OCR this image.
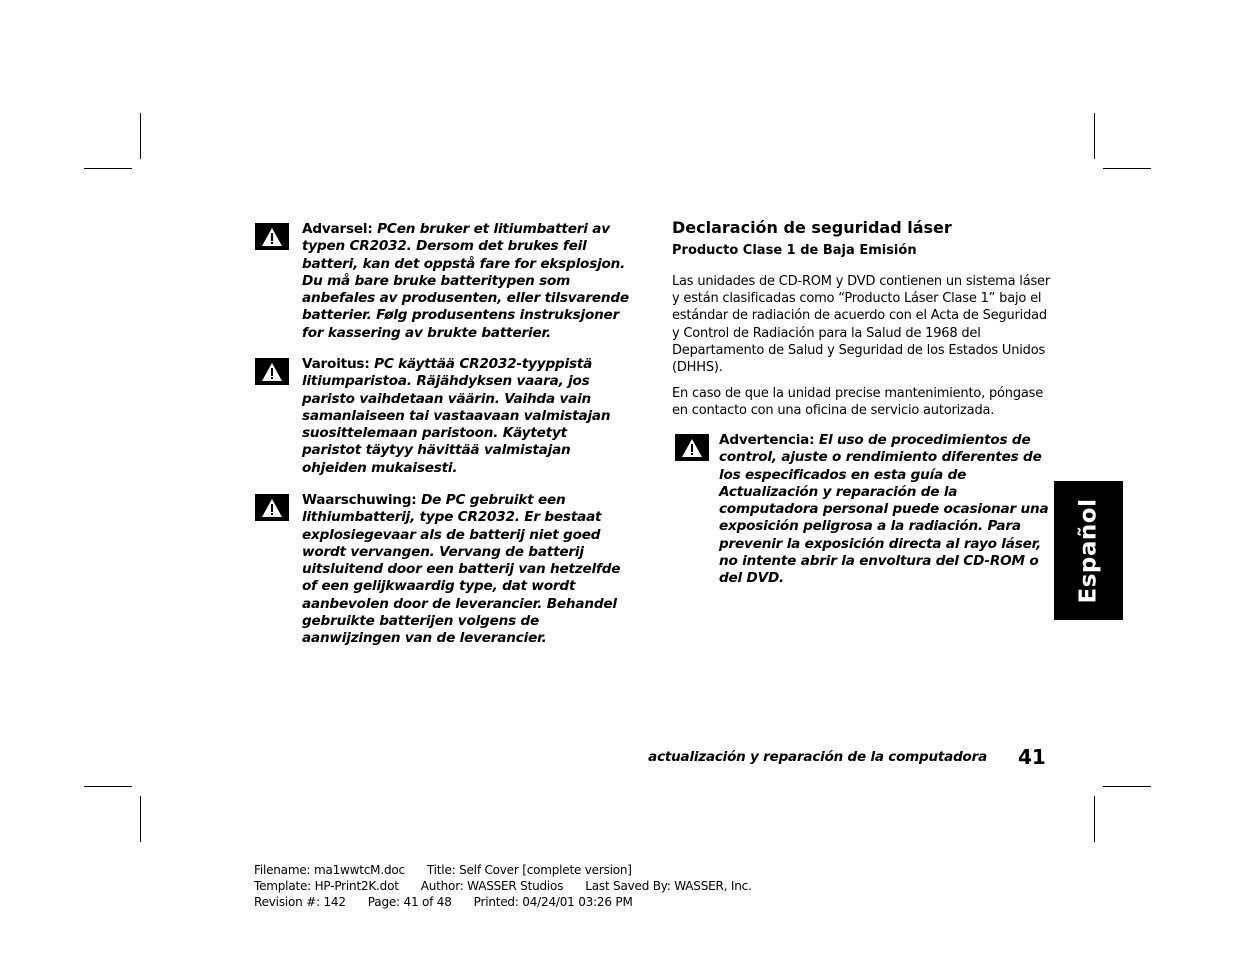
Advarsel: PCen bruker et litiumbatteri av typen CR2032. Dersom det brukes feil batteri, kan det oppstå fare for eksplosjon. Du må bare bruke batteritypen som anbefales av produsenten, eller tilsvarende batterier. Følg produsentens instruksjoner for kassering av brukte batterier.
Varoitus: PC käyttää CR2032-tyyppistä litiumparistoa. Räjähdyksen vaara, jos paristo vaihdetaan väärin. Vaihda vain samanlaiseen tai vastaavaan valmistajan suosittelemaan paristoon. Käytetyt paristot täytyy hävittää valmistajan ohjeiden mukaisesti.
Waarschuwing: De PC gebruikt een lithiumbatterij, type CR2032. Er bestaat explosiegevaar als de batterij niet goed wordt vervangen. Vervang de batterij uitsluitend door een batterij van hetzelfde of een gelijkwaardig type, dat wordt aanbevolen door de leverancier. Behandel gebruikte batterijen volgens de aanwijzingen van de leverancier.
Declaración de seguridad láser
Producto Clase 1 de Baja Emisión

Las unidades de CD-ROM y DVD contienen un sistema láser y están clasificadas como “Producto Láser Clase 1” bajo el estándar de radiación de acuerdo con el Acta de Seguridad y Control de Radiación para la Salud de 1968 del Departamento de Salud y Seguridad de los Estados Unidos (DHHS).

En caso de que la unidad precise mantenimiento, póngase en contacto con una oficina de servicio autorizada.

Advertencia: El uso de procedimientos de control, ajuste o rendimiento diferentes de los especificados en esta guía de Actualización y reparación de la computadora personal puede ocasionar una exposición peligrosa a la radiación. Para prevenir la exposición directa al rayo láser, no intente abrir la envoltura del CD-ROM o del DVD.	Español
actualización y reparación de la computadora 41
Filename: ma1wwtcM.doc Title: Self Cover [complete version]
Template: HP-Print2K.dot Author: WASSER Studios Last Saved By: WASSER, Inc.
Revision #: 142 Page: 41 of 48 Printed: 04/24/01 03:26 PM
